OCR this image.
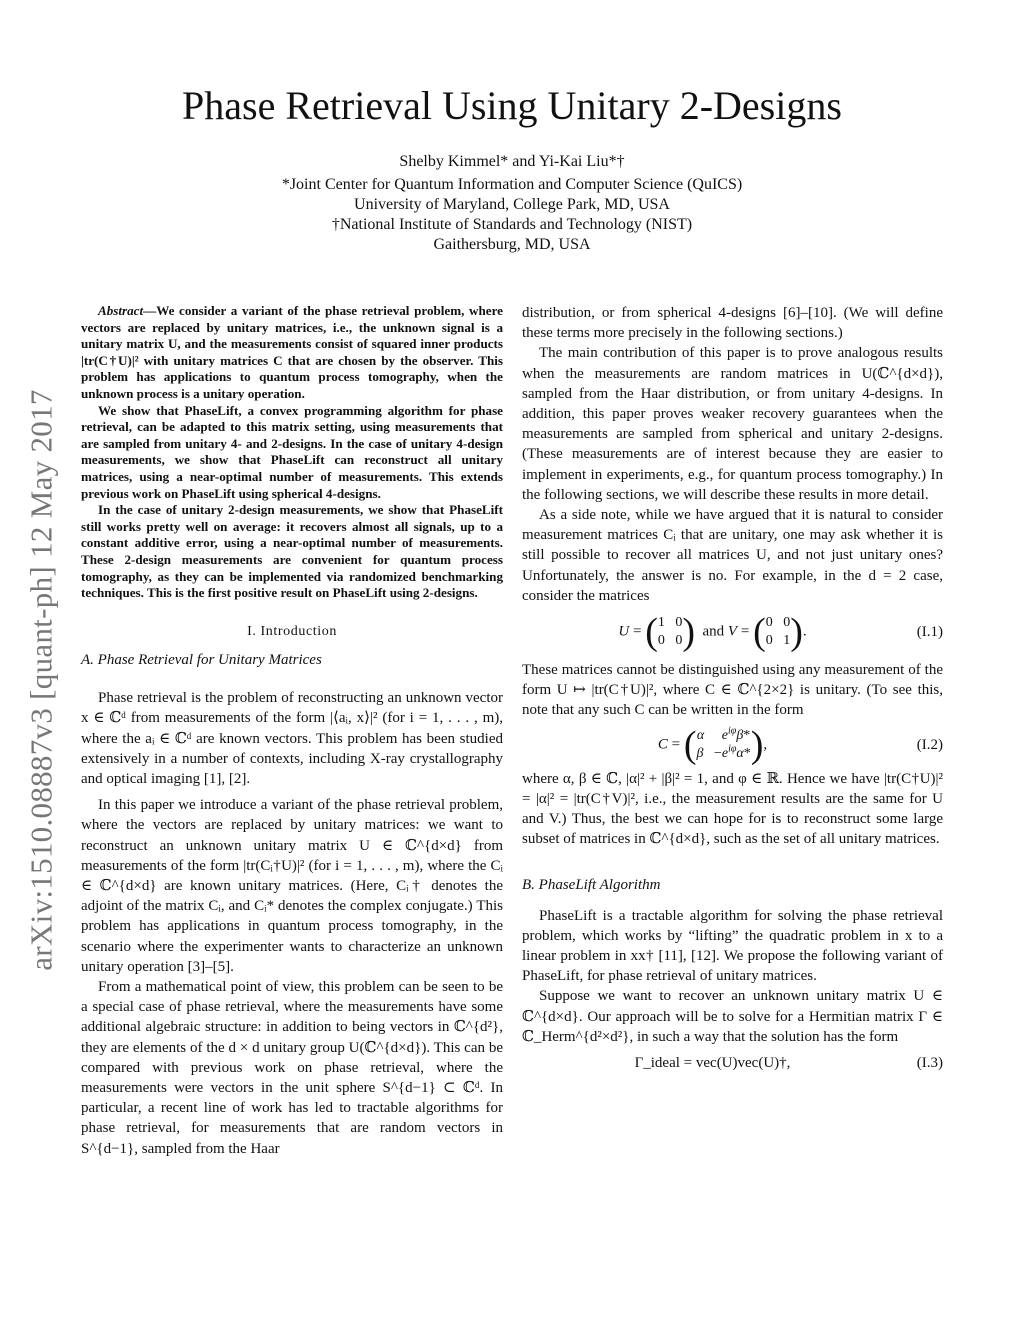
arXiv:1510.08887v3 [quant-ph] 12 May 2017
Phase Retrieval Using Unitary 2-Designs
Shelby Kimmel* and Yi-Kai Liu*†
*Joint Center for Quantum Information and Computer Science (QuICS)
University of Maryland, College Park, MD, USA
†National Institute of Standards and Technology (NIST)
Gaithersburg, MD, USA

Abstract—We consider a variant of the phase retrieval problem, where vectors are replaced by unitary matrices, i.e., the unknown signal is a unitary matrix U, and the measurements consist of squared inner products |tr(C†U)|² with unitary matrices C that are chosen by the observer. This problem has applications to quantum process tomography, when the unknown process is a unitary operation.

We show that PhaseLift, a convex programming algorithm for phase retrieval, can be adapted to this matrix setting, using measurements that are sampled from unitary 4- and 2-designs. In the case of unitary 4-design measurements, we show that PhaseLift can reconstruct all unitary matrices, using a near-optimal number of measurements. This extends previous work on PhaseLift using spherical 4-designs.

In the case of unitary 2-design measurements, we show that PhaseLift still works pretty well on average: it recovers almost all signals, up to a constant additive error, using a near-optimal number of measurements. These 2-design measurements are convenient for quantum process tomography, as they can be implemented via randomized benchmarking techniques. This is the first positive result on PhaseLift using 2-designs.

I. Introduction
A. Phase Retrieval for Unitary Matrices

Phase retrieval is the problem of reconstructing an unknown vector x ∈ ℂᵈ from measurements of the form |⟨aᵢ, x⟩|² (for i = 1, . . . , m), where the aᵢ ∈ ℂᵈ are known vectors. This problem has been studied extensively in a number of contexts, including X-ray crystallography and optical imaging [1], [2].

In this paper we introduce a variant of the phase retrieval problem, where the vectors are replaced by unitary matrices: we want to reconstruct an unknown unitary matrix U ∈ ℂ^{d×d} from measurements of the form |tr(Cᵢ†U)|² (for i = 1, . . . , m), where the Cᵢ ∈ ℂ^{d×d} are known unitary matrices. (Here, Cᵢ† denotes the adjoint of the matrix Cᵢ, and Cᵢ* denotes the complex conjugate.) This problem has applications in quantum process tomography, in the scenario where the experimenter wants to characterize an unknown unitary operation [3]–[5].

From a mathematical point of view, this problem can be seen to be a special case of phase retrieval, where the measurements have some additional algebraic structure: in addition to being vectors in ℂ^{d²}, they are elements of the d × d unitary group U(ℂ^{d×d}). This can be compared with previous work on phase retrieval, where the measurements were vectors in the unit sphere S^{d−1} ⊂ ℂᵈ. In particular, a recent line of work has led to tractable algorithms for phase retrieval, for measurements that are random vectors in S^{d−1}, sampled from the Haar

distribution, or from spherical 4-designs [6]–[10]. (We will define these terms more precisely in the following sections.)

The main contribution of this paper is to prove analogous results when the measurements are random matrices in U(ℂ^{d×d}), sampled from the Haar distribution, or from unitary 4-designs. In addition, this paper proves weaker recovery guarantees when the measurements are sampled from spherical and unitary 2-designs. (These measurements are of interest because they are easier to implement in experiments, e.g., for quantum process tomography.) In the following sections, we will describe these results in more detail.

As a side note, while we have argued that it is natural to consider measurement matrices Cᵢ that are unitary, one may ask whether it is still possible to recover all matrices U, and not just unitary ones? Unfortunately, the answer is no. For example, in the d = 2 case, consider the matrices

U = (1   0
0   0)  and V = (0   0
0   1).	(I.1)

These matrices cannot be distinguished using any measurement of the form U ↦ |tr(C†U)|², where C ∈ ℂ^{2×2} is unitary. (To see this, note that any such C can be written in the form

C = (α $e^{i\varphi}\beta*$
$\beta -e^{i\varphi}\alpha*$),	(I.2)

where α, β ∈ ℂ, |α|² + |β|² = 1, and φ ∈ ℝ. Hence we have |tr(C†U)|² = |α|² = |tr(C†V)|², i.e., the measurement results are the same for U and V.) Thus, the best we can hope for is to reconstruct some large subset of matrices in ℂ^{d×d}, such as the set of all unitary matrices.

B. PhaseLift Algorithm

PhaseLift is a tractable algorithm for solving the phase retrieval problem, which works by “lifting” the quadratic problem in x to a linear problem in xx† [11], [12]. We propose the following variant of PhaseLift, for phase retrieval of unitary matrices.

Suppose we want to recover an unknown unitary matrix U ∈ ℂ^{d×d}. Our approach will be to solve for a Hermitian matrix Γ ∈ ℂ_Herm^{d²×d²}, in such a way that the solution has the form

Γ_ideal = vec(U)vec(U)†,	(I.3)
